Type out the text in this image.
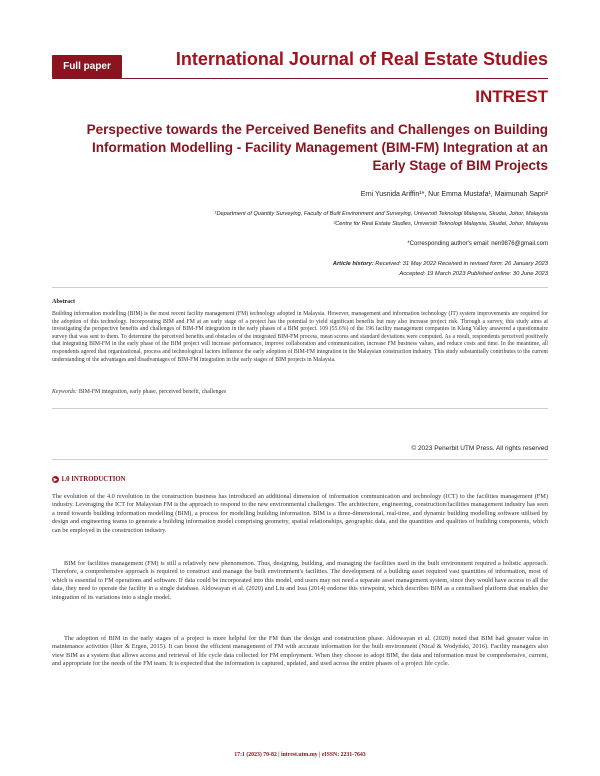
Full paper	International Journal of Real Estate Studies
INTREST
Perspective towards the Perceived Benefits and Challenges on Building Information Modelling - Facility Management (BIM-FM) Integration at an Early Stage of BIM Projects
Erni Yusnida Ariffin¹*, Nur Emma Mustafa¹, Maimunah Sapri²
¹Department of Quantity Surveying, Faculty of Built Environment and Surveying, Universiti Teknologi Malaysia, Skudai, Johor, Malaysia
²Centre for Real Estate Studies, Universiti Teknologi Malaysia, Skudai, Johor, Malaysia
*Corresponding author's email: nen9876@gmail.com
Article history: Received: 31 May 2022 Received in revised form: 26 January 2023
Accepted: 19 March 2023 Published online: 30 June 2023
Abstract

Building information modelling (BIM) is the most recent facility management (FM) technology adopted in Malaysia. However, management and information technology (IT) system improvements are required for the adoption of this technology. Incorporating BIM and FM at an early stage of a project has the potential to yield significant benefits but may also increase project risk. Through a survey, this study aims at investigating the perspective benefits and challenges of BIM-FM integration in the early phases of a BIM project. 109 (55.6%) of the 196 facility management companies in Klang Valley answered a questionnaire survey that was sent to them. To determine the perceived benefits and obstacles of the integrated BIM-FM process, mean scores and standard deviations were computed. As a result, respondents perceived positively that integrating BIM-FM in the early phase of the BIM project will increase performance, improve collaboration and communication, increase FM business values, and reduce costs and time. In the meantime, all respondents agreed that organizational, process and technological factors influence the early adoption of BIM-FM integration in the Malaysian construction industry. This study substantially contributes to the current understanding of the advantages and disadvantages of BIM-FM integration in the early stages of BIM projects in Malaysia.

Keywords: BIM-FM integration, early phase, perceived benefit, challenges
© 2023 Penerbit UTM Press. All rights reserved
▶ 1.0 INTRODUCTION

The evolution of the 4.0 revolution in the construction business has introduced an additional dimension of information communication and technology (ICT) to the facilities management (FM) industry. Leveraging the ICT for Malaysian FM is the approach to respond to the new environmental challenges. The architecture, engineering, construction/facilities management industry has seen a trend towards building information modelling (BIM), a process for modelling building information. BIM is a three-dimensional, real-time, and dynamic building modelling software utilised by design and engineering teams to generate a building information model comprising geometry, spatial relationships, geographic data, and the quantities and qualities of building components, which can be employed in the construction industry.

BIM for facilities management (FM) is still a relatively new phenomenon. Thus, designing, building, and managing the facilities used in the built environment required a holistic approach. Therefore, a comprehensive approach is required to construct and manage the built environment's facilities. The development of a building asset required vast quantities of information, most of which is essential to FM operations and software. If data could be incorporated into this model, end users may not need a separate asset management system, since they would have access to all the data, they need to operate the facility in a single database. Aldowayan et al. (2020) and Liu and Issa (2014) endorse this viewpoint, which describes BIM as a centralised platform that enables the integration of its variations into a single model.

The adoption of BIM in the early stages of a project is more helpful for the FM than the design and construction phase. Aldowayan et al. (2020) noted that BIM had greater value in maintenance activities (Ilter & Ergen, 2015). It can boost the efficient management of FM with accurate information for the built environment (Nical & Wodyński, 2016). Facility managers also view BIM as a system that allows access and retrieval of life cycle data collected for FM employment. When they choose to adopt BIM, the data and information must be comprehensive, current, and appropriate for the needs of the FM team. It is expected that the information is captured, updated, and used across the entire phases of a project life cycle.

17:1 (2023) 70-82 | intrest.utm.my | eISSN: 2231-7643
